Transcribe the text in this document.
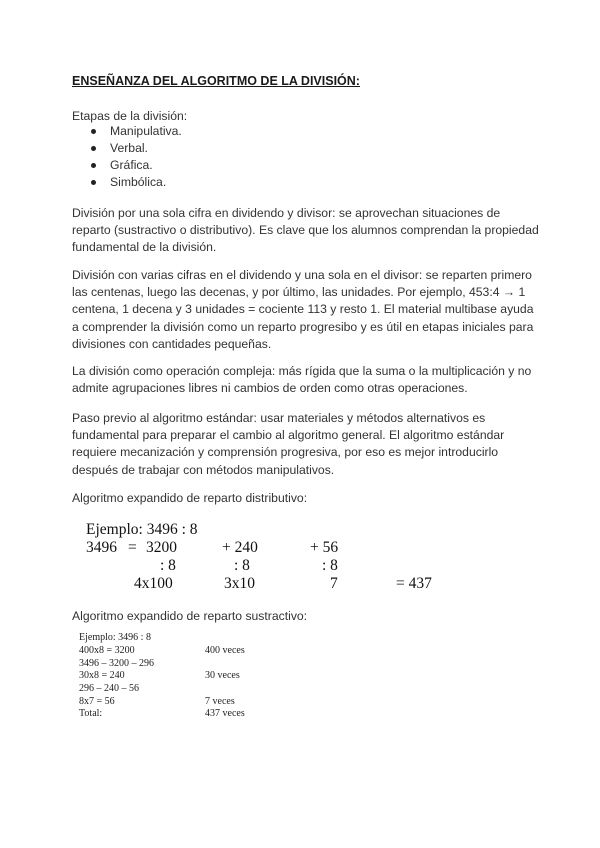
ENSEÑANZA DEL ALGORITMO DE LA DIVISIÓN:
Etapas de la división:
Manipulativa.
Verbal.
Gráfica.
Simbólica.
División por una sola cifra en dividendo y divisor: se aprovechan situaciones de reparto (sustractivo o distributivo). Es clave que los alumnos comprendan la propiedad fundamental de la división.
División con varias cifras en el dividendo y una sola en el divisor: se reparten primero las centenas, luego las decenas, y por último, las unidades. Por ejemplo, 453:4 → 1 centena, 1 decena y 3 unidades = cociente 113 y resto 1. El material multibase ayuda a comprender la división como un reparto progresibo y es útil en etapas iniciales para divisiones con cantidades pequeñas.
La división como operación compleja: más rígida que la suma o la multiplicación y no admite agrupaciones libres ni cambios de orden como otras operaciones.
Paso previo al algoritmo estándar: usar materiales y métodos alternativos es fundamental para preparar el cambio al algoritmo general. El algoritmo estándar requiere mecanización y comprensión progresiva, por eso es mejor introducirlo después de trabajar con métodos manipulativos.
Algoritmo expandido de reparto distributivo:
Ejemplo: 3496 : 8
3496 = 3200	+ 240	+ 56
: 8	: 8	: 8
4x100	3x10	7	= 437
Algoritmo expandido de reparto sustractivo:
Ejemplo: 3496 : 8
400x8 = 3200	400 veces
3496 – 3200 – 296
30x8 = 240	30 veces
296 – 240 – 56
8x7 = 56	7 veces
Total:	437 veces
